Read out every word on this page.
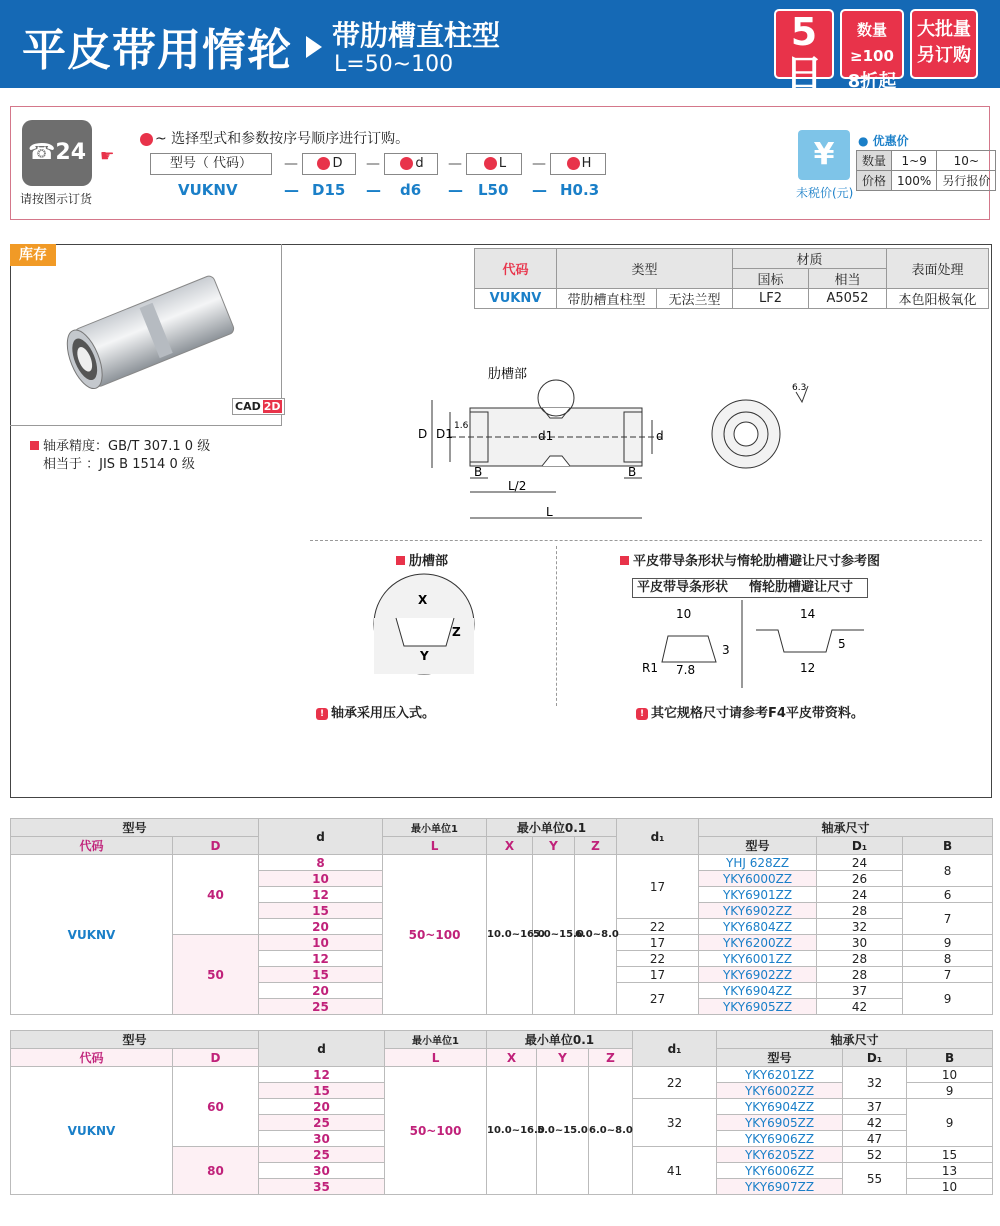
平皮带用惰轮 带肋槽直柱型
L=50~100
5日
发货
数量≥100
8折起
大批量
另订购
☎24
请按图示订货
☛
~ 选择型式和参数按序号顺序进行订购。
型号（ 代码）	—	D	—	d	—	L	—	H
VUKNV	— D15 — d6 — L50 — H0.3
¥
未税价(元)
● 优惠价
数量	1~9	10~
价格	100%	另行报价
库存
CAD 2D
轴承精度：GB/T 307.1 0 级
相当于 ：JIS B 1514 0 级
代码	类型		材质		表面处理
			国标	相当	
VUKNV	带肋槽直柱型	无法兰型	LF2	A5052	本色阳极氧化
肋槽部
D D1
1.6
d1	d
B	B
L/2
L
6.3
肋槽部
X
Y
Z
! 轴承采用压入式。
平皮带导条形状与惰轮肋槽避让尺寸参考图
平皮带导条形状 惰轮肋槽避让尺寸
10
3
R1 7.8
14
5
12
! 其它规格尺寸请参考F4平皮带资料。
型号		d	最小单位1	最小单位0.1			d₁	轴承尺寸		
代码	D		L	X	Y	Z		型号	D₁	B
VUKNV	40	8	50~100	10.0~16.0	5.0~15.0	6.0~8.0	17	YHJ 628ZZ	24	8
		10						YKY6000ZZ	26	
		12						YKY6901ZZ	24	6
		15						YKY6902ZZ	28	7
		20					22	YKY6804ZZ	32	
	50	10					17	YKY6200ZZ	30	9
		12					22	YKY6001ZZ	28	8
		15					17	YKY6902ZZ	28	7
		20					27	YKY6904ZZ	37	9
		25						YKY6905ZZ	42	
型号		d	最小单位1	最小单位0.1			d₁	轴承尺寸		
代码	D		L	X	Y	Z		型号	D₁	B
VUKNV	60	12	50~100	10.0~16.0	5.0~15.0	6.0~8.0	22	YKY6201ZZ	32	10
		15						YKY6002ZZ		9
		20					32	YKY6904ZZ	37	9
		25						YKY6905ZZ	42	
		30						YKY6906ZZ	47	
	80	25					41	YKY6205ZZ	52	15
		30						YKY6006ZZ	55	13
		35						YKY6907ZZ		10
